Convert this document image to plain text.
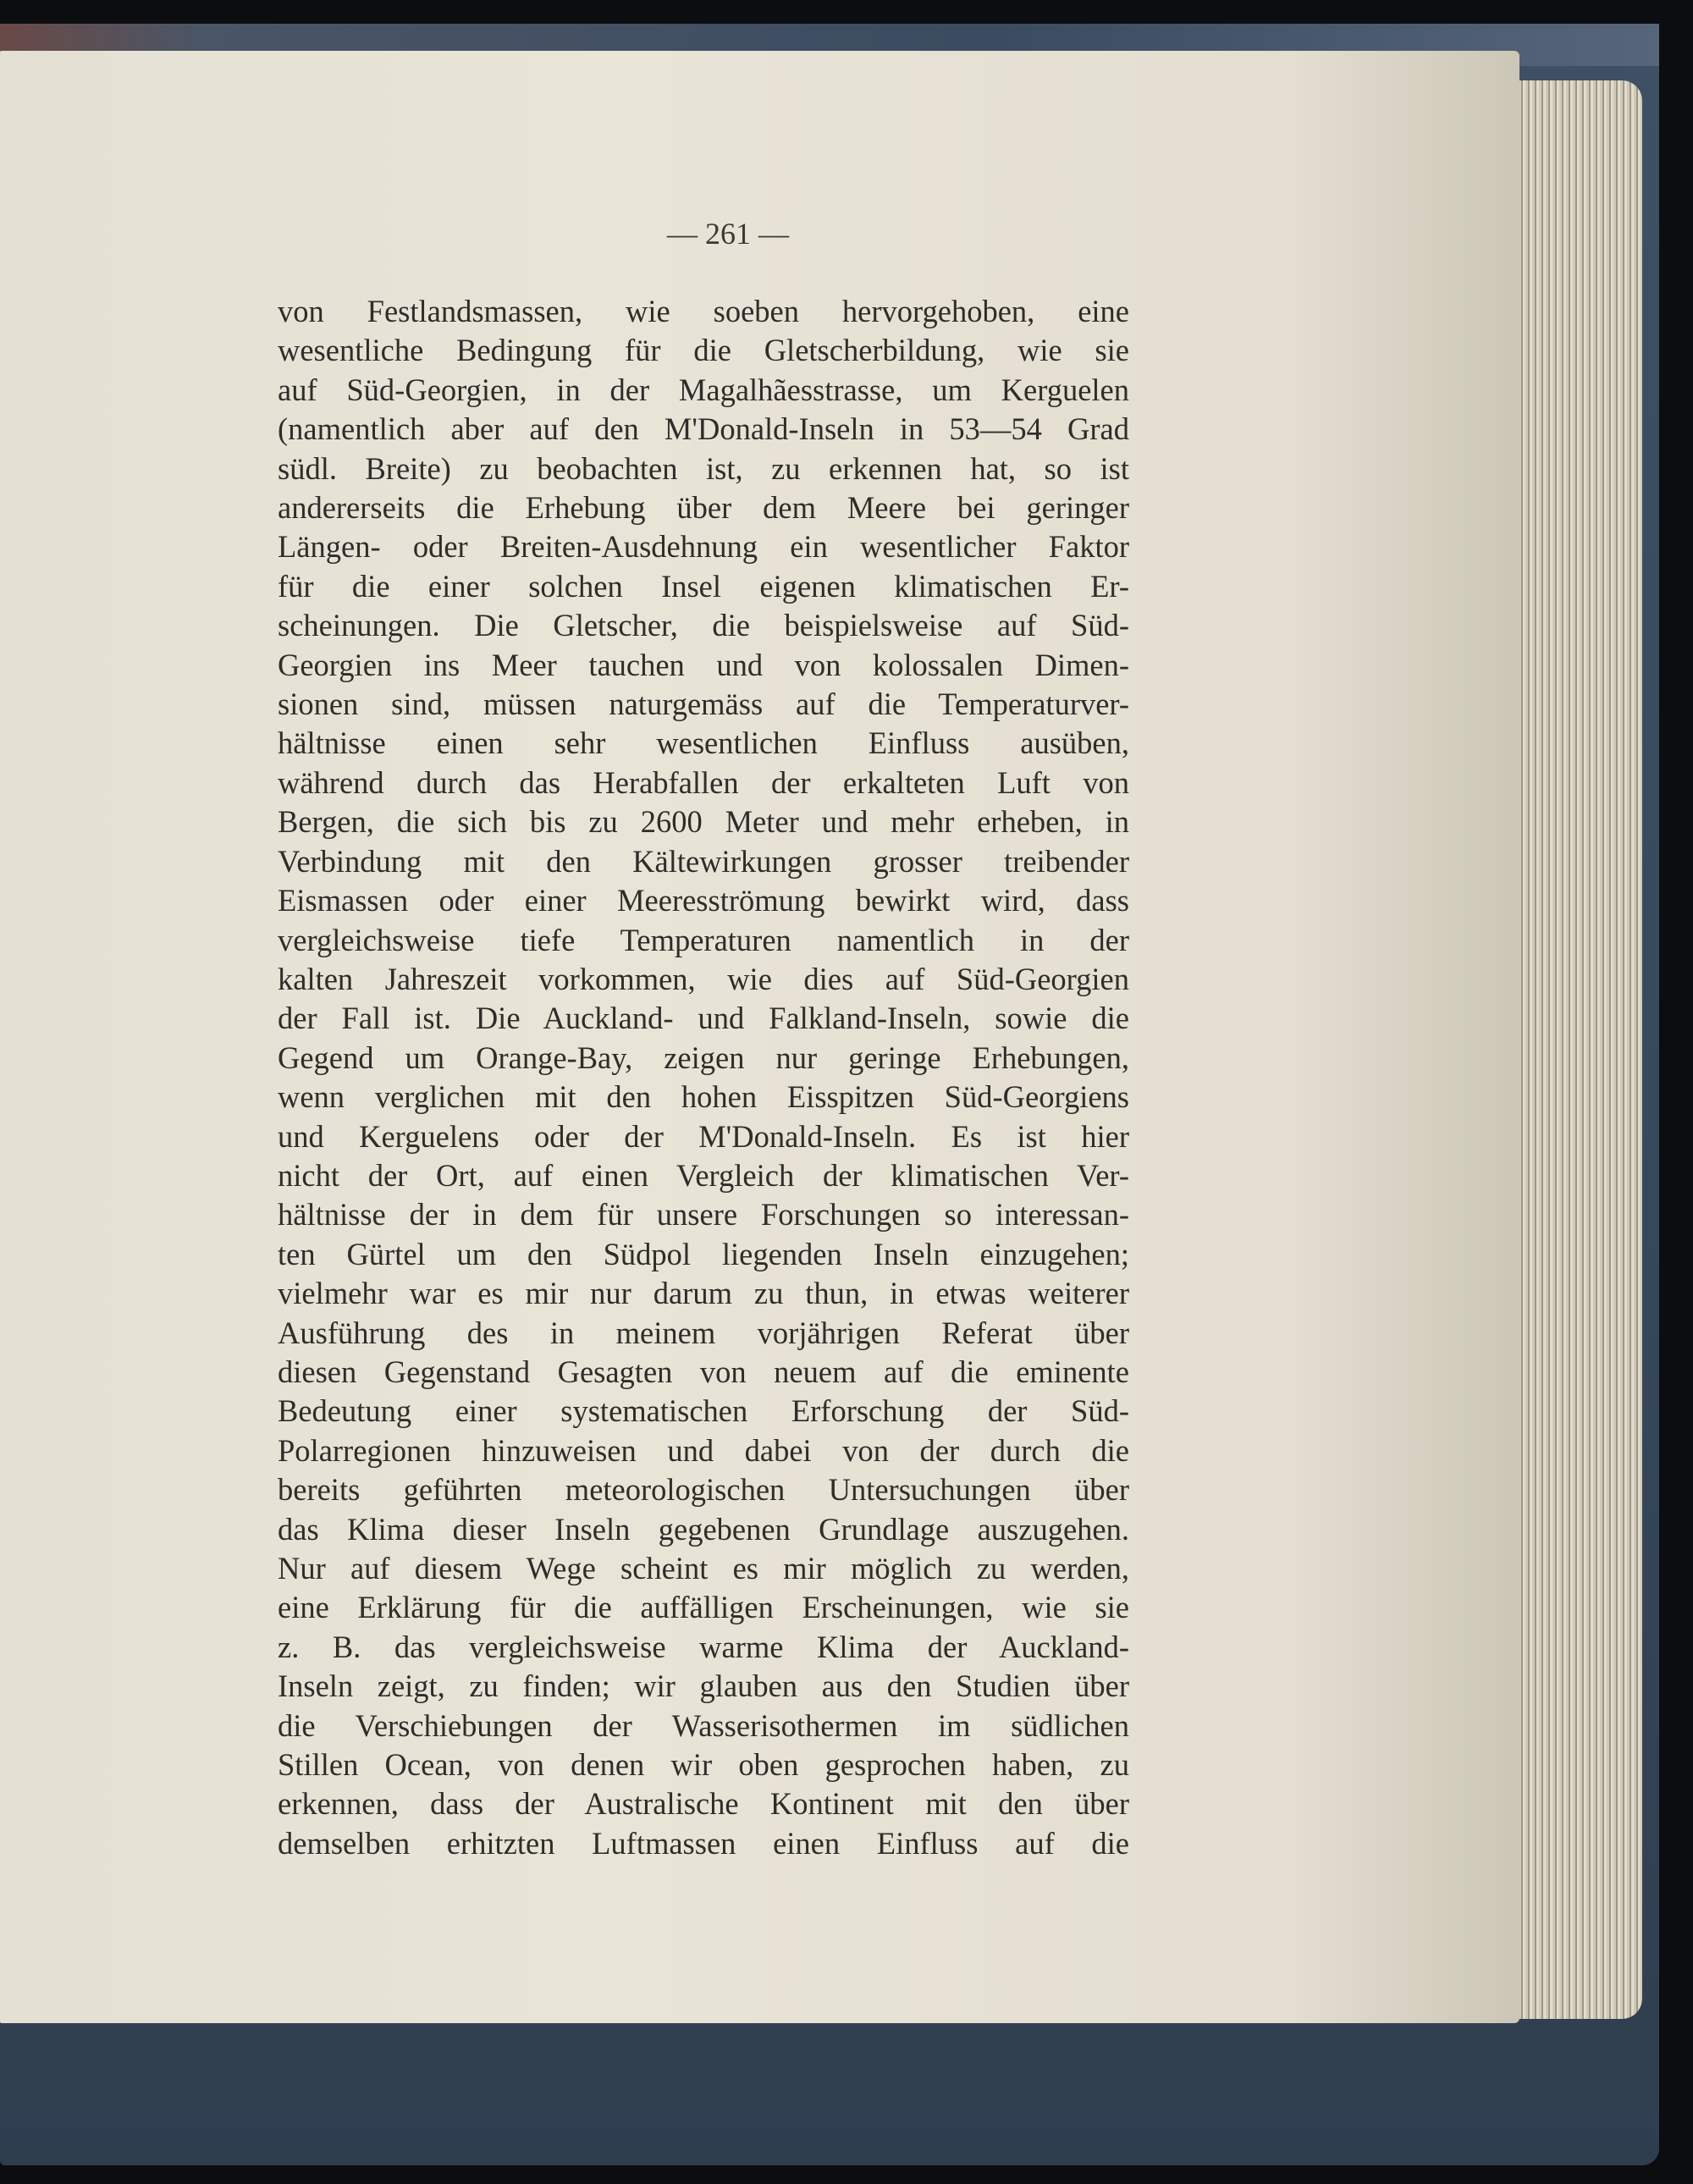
— 261 —
von Festlandsmassen, wie soeben hervorgehoben, eine
wesentliche Bedingung für die Gletscherbildung, wie sie
auf Süd-Georgien, in der Magalhãesstrasse, um Kerguelen
(namentlich aber auf den M'Donald-Inseln in 53—54 Grad
südl. Breite) zu beobachten ist, zu erkennen hat, so ist
andererseits die Erhebung über dem Meere bei geringer
Längen- oder Breiten-Ausdehnung ein wesentlicher Faktor
für die einer solchen Insel eigenen klimatischen Er-
scheinungen. Die Gletscher, die beispielsweise auf Süd-
Georgien ins Meer tauchen und von kolossalen Dimen-
sionen sind, müssen naturgemäss auf die Temperaturver-
hältnisse einen sehr wesentlichen Einfluss ausüben,
während durch das Herabfallen der erkalteten Luft von
Bergen, die sich bis zu 2600 Meter und mehr erheben, in
Verbindung mit den Kältewirkungen grosser treibender
Eismassen oder einer Meeresströmung bewirkt wird, dass
vergleichsweise tiefe Temperaturen namentlich in der
kalten Jahreszeit vorkommen, wie dies auf Süd-Georgien
der Fall ist. Die Auckland- und Falkland-Inseln, sowie die
Gegend um Orange-Bay, zeigen nur geringe Erhebungen,
wenn verglichen mit den hohen Eisspitzen Süd-Georgiens
und Kerguelens oder der M'Donald-Inseln. Es ist hier
nicht der Ort, auf einen Vergleich der klimatischen Ver-
hältnisse der in dem für unsere Forschungen so interessan-
ten Gürtel um den Südpol liegenden Inseln einzugehen;
vielmehr war es mir nur darum zu thun, in etwas weiterer
Ausführung des in meinem vorjährigen Referat über
diesen Gegenstand Gesagten von neuem auf die eminente
Bedeutung einer systematischen Erforschung der Süd-
Polarregionen hinzuweisen und dabei von der durch die
bereits geführten meteorologischen Untersuchungen über
das Klima dieser Inseln gegebenen Grundlage auszugehen.
Nur auf diesem Wege scheint es mir möglich zu werden,
eine Erklärung für die auffälligen Erscheinungen, wie sie
z. B. das vergleichsweise warme Klima der Auckland-
Inseln zeigt, zu finden; wir glauben aus den Studien über
die Verschiebungen der Wasserisothermen im südlichen
Stillen Ocean, von denen wir oben gesprochen haben, zu
erkennen, dass der Australische Kontinent mit den über
demselben erhitzten Luftmassen einen Einfluss auf die
